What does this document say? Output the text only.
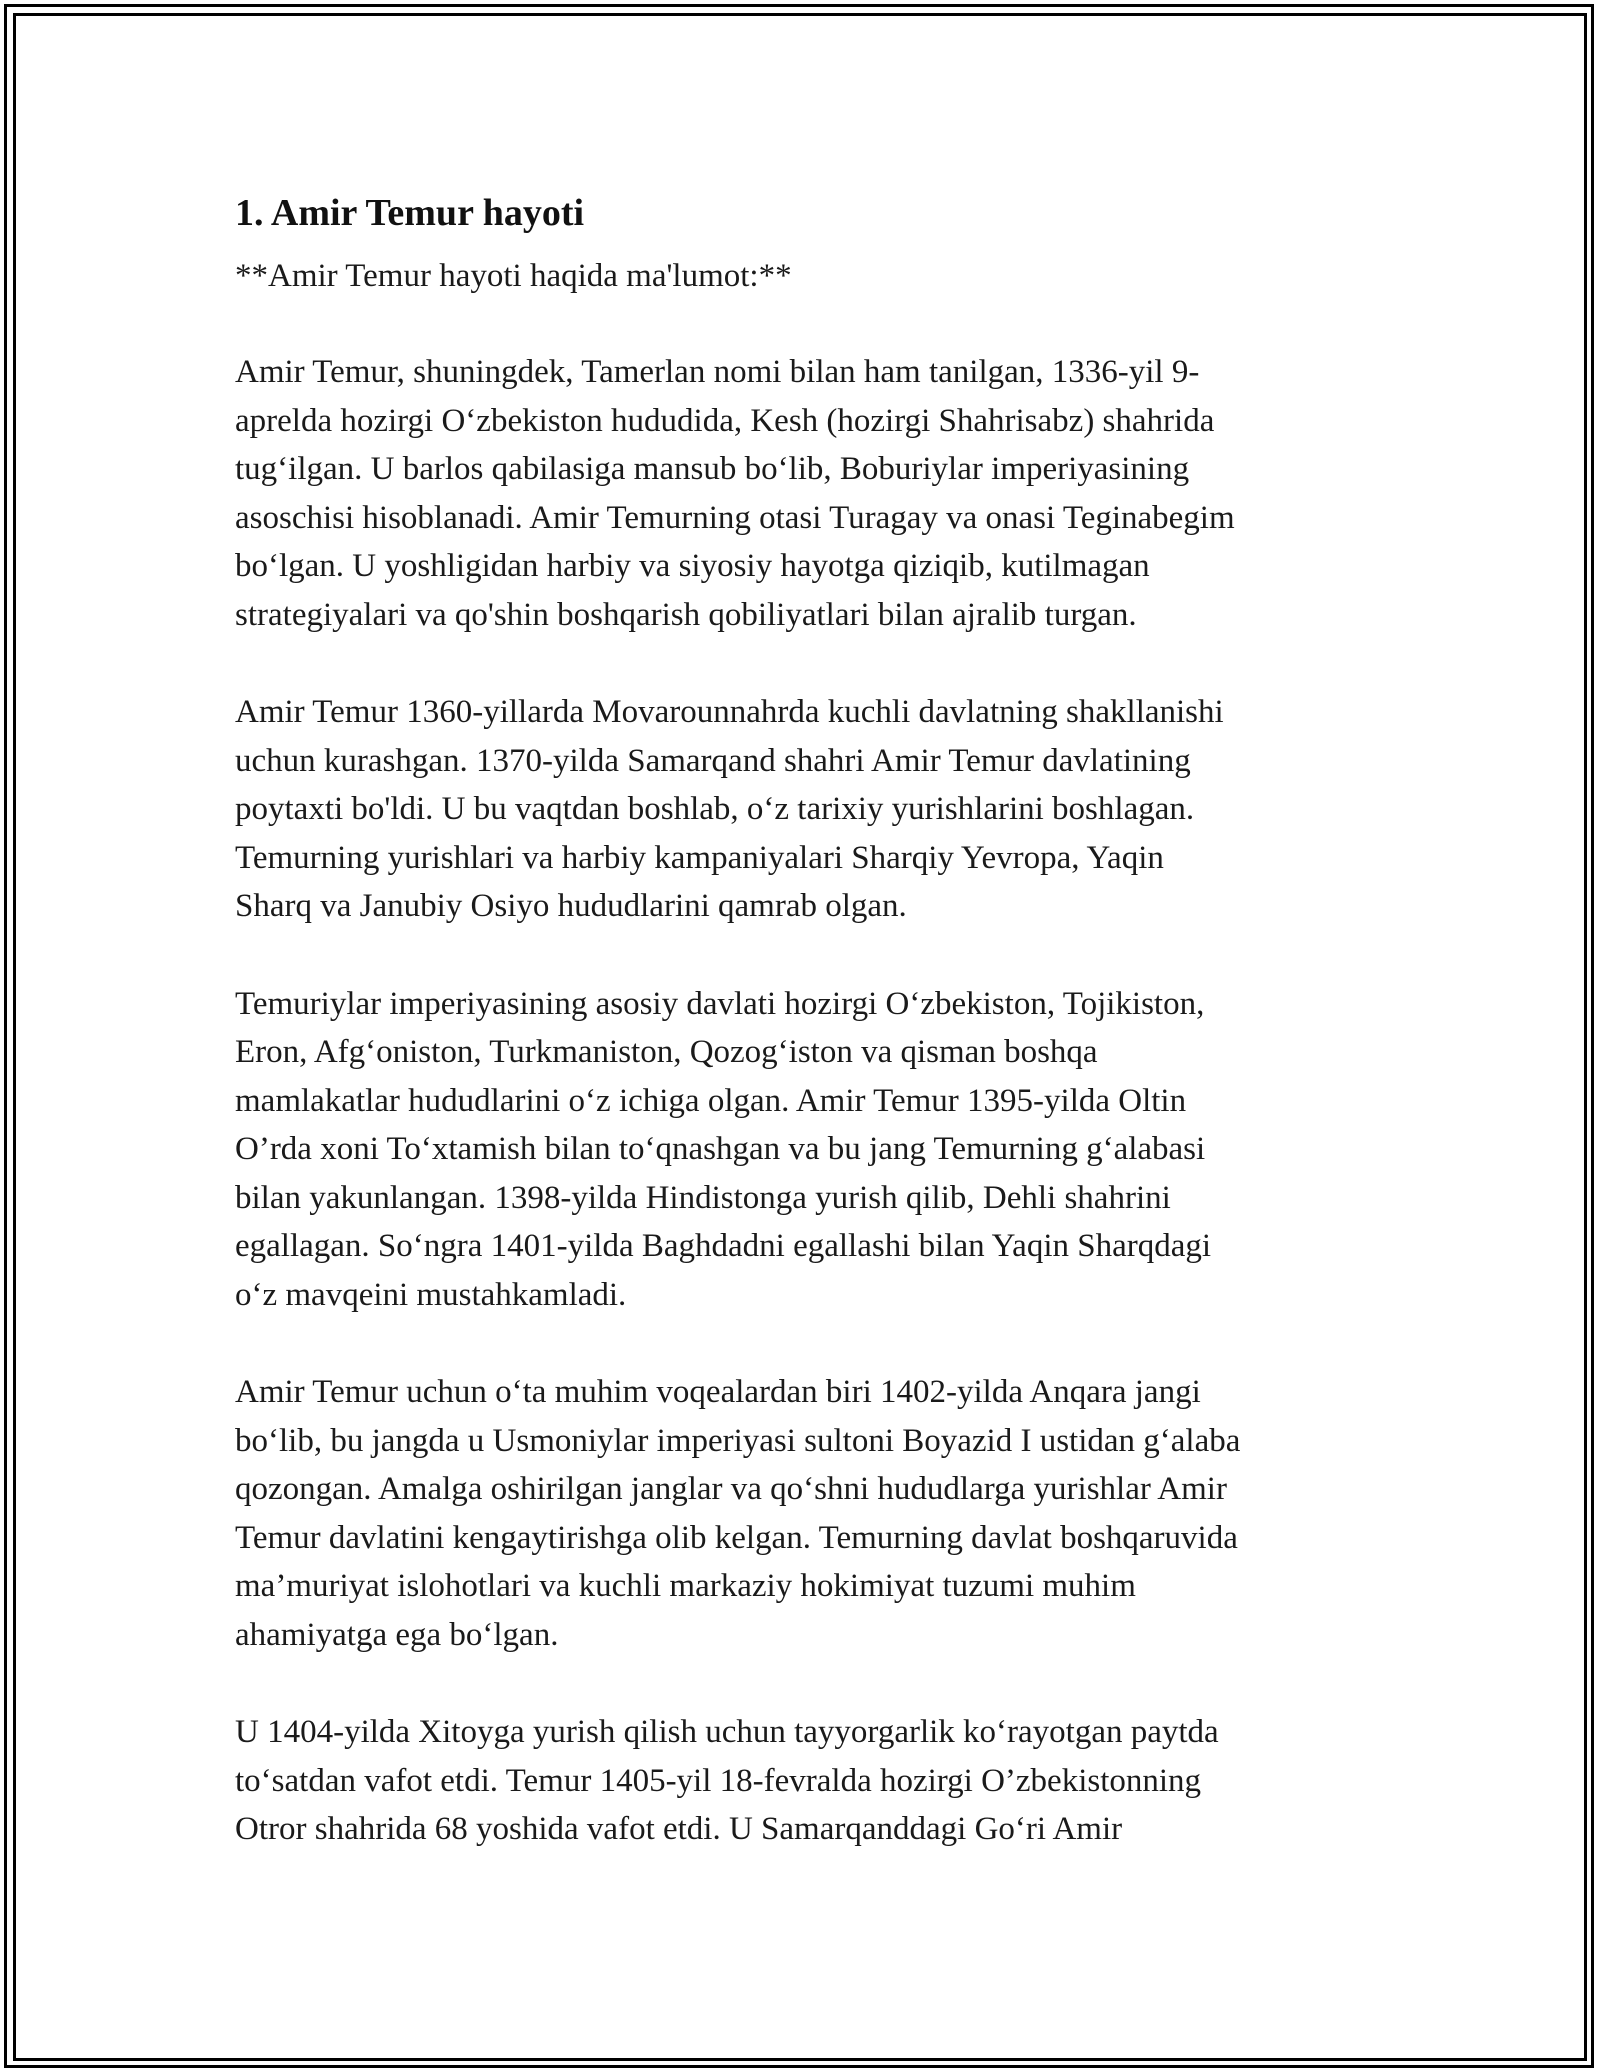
1. Amir Temur hayoti

**Amir Temur hayoti haqida ma'lumot:**

Amir Temur, shuningdek, Tamerlan nomi bilan ham tanilgan, 1336-yil 9-
aprelda hozirgi O‘zbekiston hududida, Kesh (hozirgi Shahrisabz) shahrida
tug‘ilgan. U barlos qabilasiga mansub bo‘lib, Boburiylar imperiyasining
asoschisi hisoblanadi. Amir Temurning otasi Turagay va onasi Teginabegim
bo‘lgan. U yoshligidan harbiy va siyosiy hayotga qiziqib, kutilmagan
strategiyalari va qo'shin boshqarish qobiliyatlari bilan ajralib turgan.

Amir Temur 1360-yillarda Movarounnahrda kuchli davlatning shakllanishi
uchun kurashgan. 1370-yilda Samarqand shahri Amir Temur davlatining
poytaxti bo'ldi. U bu vaqtdan boshlab, o‘z tarixiy yurishlarini boshlagan.
Temurning yurishlari va harbiy kampaniyalari Sharqiy Yevropa, Yaqin
Sharq va Janubiy Osiyo hududlarini qamrab olgan.

Temuriylar imperiyasining asosiy davlati hozirgi O‘zbekiston, Tojikiston,
Eron, Afg‘oniston, Turkmaniston, Qozog‘iston va qisman boshqa
mamlakatlar hududlarini o‘z ichiga olgan. Amir Temur 1395-yilda Oltin
O’rda xoni To‘xtamish bilan to‘qnashgan va bu jang Temurning g‘alabasi
bilan yakunlangan. 1398-yilda Hindistonga yurish qilib, Dehli shahrini
egallagan. So‘ngra 1401-yilda Baghdadni egallashi bilan Yaqin Sharqdagi
o‘z mavqeini mustahkamladi.

Amir Temur uchun o‘ta muhim voqealardan biri 1402-yilda Anqara jangi
bo‘lib, bu jangda u Usmoniylar imperiyasi sultoni Boyazid I ustidan g‘alaba
qozongan. Amalga oshirilgan janglar va qo‘shni hududlarga yurishlar Amir
Temur davlatini kengaytirishga olib kelgan. Temurning davlat boshqaruvida
ma’muriyat islohotlari va kuchli markaziy hokimiyat tuzumi muhim
ahamiyatga ega bo‘lgan.

U 1404-yilda Xitoyga yurish qilish uchun tayyorgarlik ko‘rayotgan paytda
to‘satdan vafot etdi. Temur 1405-yil 18-fevralda hozirgi O’zbekistonning
Otror shahrida 68 yoshida vafot etdi. U Samarqanddagi Go‘ri Amir
